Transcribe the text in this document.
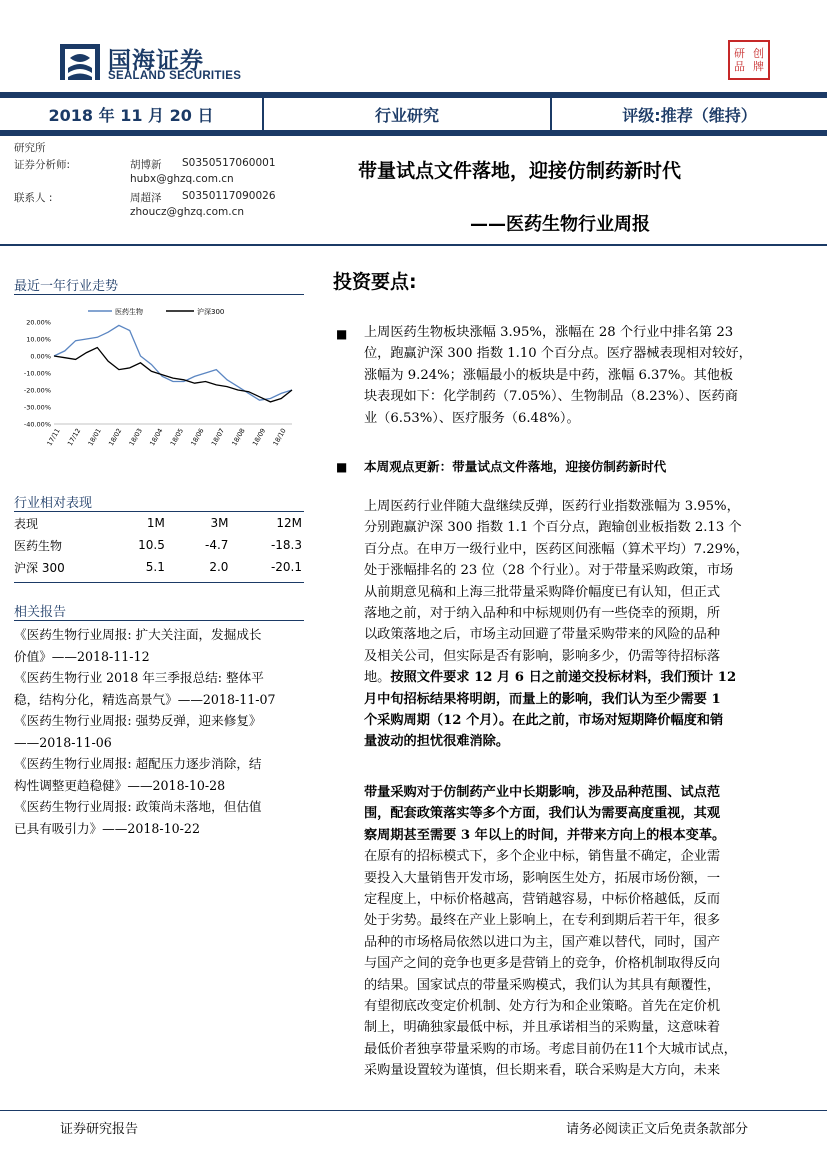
国海证券
SEALAND SECURITIES
研 创
品 牌
2018 年 11 月 20 日	行业研究	评级:推荐（维持）
研究所
证券分析师:	胡博新 S0350517060001
hubx@ghzq.com.cn
联系人 :	周超泽 S0350117090026
zhoucz@ghzq.com.cn
带量试点文件落地，迎接仿制药新时代
——医药生物行业周报
最近一年行业走势
20.00%
10.00%
0.00%
-10.00%
-20.00%
-30.00%
-40.00%
17/11 17/12 18/01 18/02 18/03 18/04 18/05 18/06 18/07 18/08 18/09 18/10
医药生物	沪深300
行业相对表现
表现	1M	3M	12M
医药生物	10.5	-4.7	-18.3
沪深 300	5.1	2.0	-20.1
相关报告
《医药生物行业周报: 扩大关注面，发掘成长
价值》——2018-11-12
《医药生物行业 2018 年三季报总结: 整体平
稳，结构分化，精选高景气》——2018-11-07
《医药生物行业周报: 强势反弹，迎来修复》
——2018-11-06
《医药生物行业周报: 超配压力逐步消除，结
构性调整更趋稳健》——2018-10-28
《医药生物行业周报: 政策尚未落地，但估值
已具有吸引力》——2018-10-22
投资要点:
■ 上周医药生物板块涨幅 3.95%，涨幅在 28 个行业中排名第 23
位，跑赢沪深 300 指数 1.10 个百分点。医疗器械表现相对较好，
涨幅为 9.24%；涨幅最小的板块是中药，涨幅 6.37%。其他板
块表现如下：化学制药（7.05%）、生物制品（8.23%）、医药商
业（6.53%）、医疗服务（6.48%）。
■ 本周观点更新：带量试点文件落地，迎接仿制药新时代
上周医药行业伴随大盘继续反弹，医药行业指数涨幅为 3.95%，
分别跑赢沪深 300 指数 1.1 个百分点，跑输创业板指数 2.13 个
百分点。在申万一级行业中，医药区间涨幅（算术平均）7.29%，
处于涨幅排名的 23 位（28 个行业）。对于带量采购政策，市场
从前期意见稿和上海三批带量采购降价幅度已有认知，但正式
落地之前，对于纳入品种和中标规则仍有一些侥幸的预期，所
以政策落地之后，市场主动回避了带量采购带来的风险的品种
及相关公司，但实际是否有影响，影响多少，仍需等待招标落
地。按照文件要求 12 月 6 日之前递交投标材料，我们预计 12
月中旬招标结果将明朗，而量上的影响，我们认为至少需要 1
个采购周期（12 个月）。在此之前，市场对短期降价幅度和销
量波动的担忧很难消除。
带量采购对于仿制药产业中长期影响，涉及品种范围、试点范
围，配套政策落实等多个方面，我们认为需要高度重视，其观
察周期甚至需要 3 年以上的时间，并带来方向上的根本变革。
在原有的招标模式下，多个企业中标，销售量不确定，企业需
要投入大量销售开发市场，影响医生处方，拓展市场份额，一
定程度上，中标价格越高，营销越容易，中标价格越低，反而
处于劣势。最终在产业上影响上，在专利到期后若干年，很多
品种的市场格局依然以进口为主，国产难以替代，同时，国产
与国产之间的竞争也更多是营销上的竞争，价格机制取得反向
的结果。国家试点的带量采购模式，我们认为其具有颠覆性，
有望彻底改变定价机制、处方行为和企业策略。首先在定价机
制上，明确独家最低中标，并且承诺相当的采购量，这意味着
最低价者独享带量采购的市场。考虑目前仍在11个大城市试点，
采购量设置较为谨慎，但长期来看，联合采购是大方向，未来
证券研究报告	请务必阅读正文后免责条款部分
